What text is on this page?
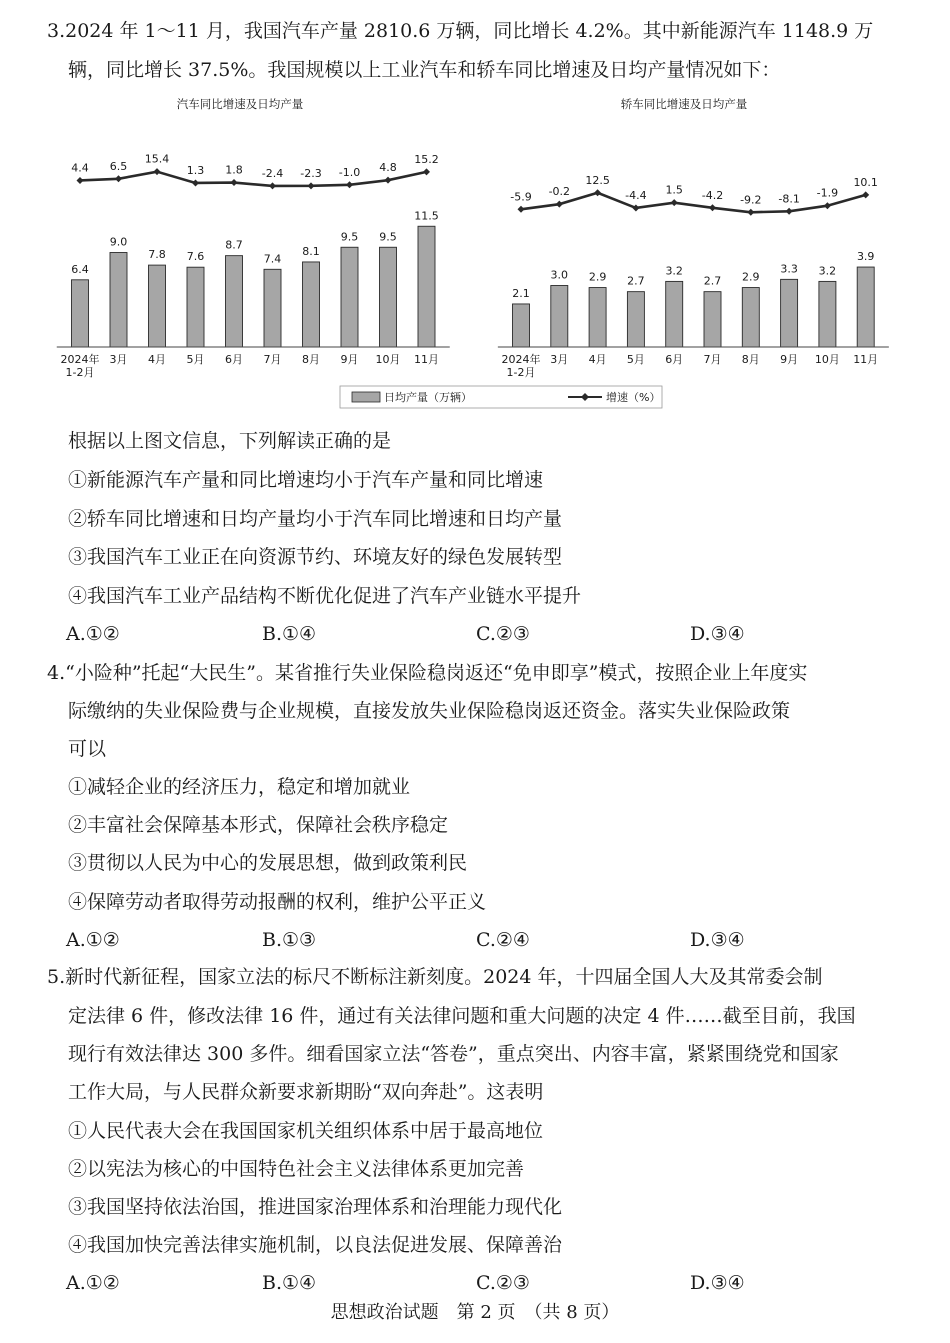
3.2024 年 1～11 月，我国汽车产量 2810.6 万辆，同比增长 4.2%。其中新能源汽车 1148.9 万
辆，同比增长 37.5%。我国规模以上工业汽车和轿车同比增速及日均产量情况如下：
汽车同比增速及日均产量
6.4
4.4
2024年
1-2月
9.0
6.5
3月
7.8
15.4
4月
7.6
1.3
5月
8.7
1.8
6月
7.4
-2.4
7月
8.1
-2.3
8月
9.5
-1.0
9月
9.5
4.8
10月
11.5
15.2
11月
轿车同比增速及日均产量
2.1
-5.9
2024年
1-2月
3.0
-0.2
3月
2.9
12.5
4月
2.7
-4.4
5月
3.2
1.5
6月
2.7
-4.2
7月
2.9
-9.2
8月
3.3
-8.1
9月
3.2
-1.9
10月
3.9
10.1
11月
日均产量（万辆）	增速（%）
根据以上图文信息，下列解读正确的是
①新能源汽车产量和同比增速均小于汽车产量和同比增速
②轿车同比增速和日均产量均小于汽车同比增速和日均产量
③我国汽车工业正在向资源节约、环境友好的绿色发展转型
④我国汽车工业产品结构不断优化促进了汽车产业链水平提升
A.①②	B.①④	C.②③	D.③④
4.“小险种”托起“大民生”。某省推行失业保险稳岗返还“免申即享”模式，按照企业上年度实
际缴纳的失业保险费与企业规模，直接发放失业保险稳岗返还资金。落实失业保险政策
可以
①减轻企业的经济压力，稳定和增加就业
②丰富社会保障基本形式，保障社会秩序稳定
③贯彻以人民为中心的发展思想，做到政策利民
④保障劳动者取得劳动报酬的权利，维护公平正义
A.①②	B.①③	C.②④	D.③④
5.新时代新征程，国家立法的标尺不断标注新刻度。2024 年，十四届全国人大及其常委会制
定法律 6 件，修改法律 16 件，通过有关法律问题和重大问题的决定 4 件……截至目前，我国
现行有效法律达 300 多件。细看国家立法“答卷”，重点突出、内容丰富，紧紧围绕党和国家
工作大局，与人民群众新要求新期盼“双向奔赴”。这表明
①人民代表大会在我国国家机关组织体系中居于最高地位
②以宪法为核心的中国特色社会主义法律体系更加完善
③我国坚持依法治国，推进国家治理体系和治理能力现代化
④我国加快完善法律实施机制，以良法促进发展、保障善治
A.①②	B.①④	C.②③	D.③④
思想政治试题　第 2 页　（共 8 页）
